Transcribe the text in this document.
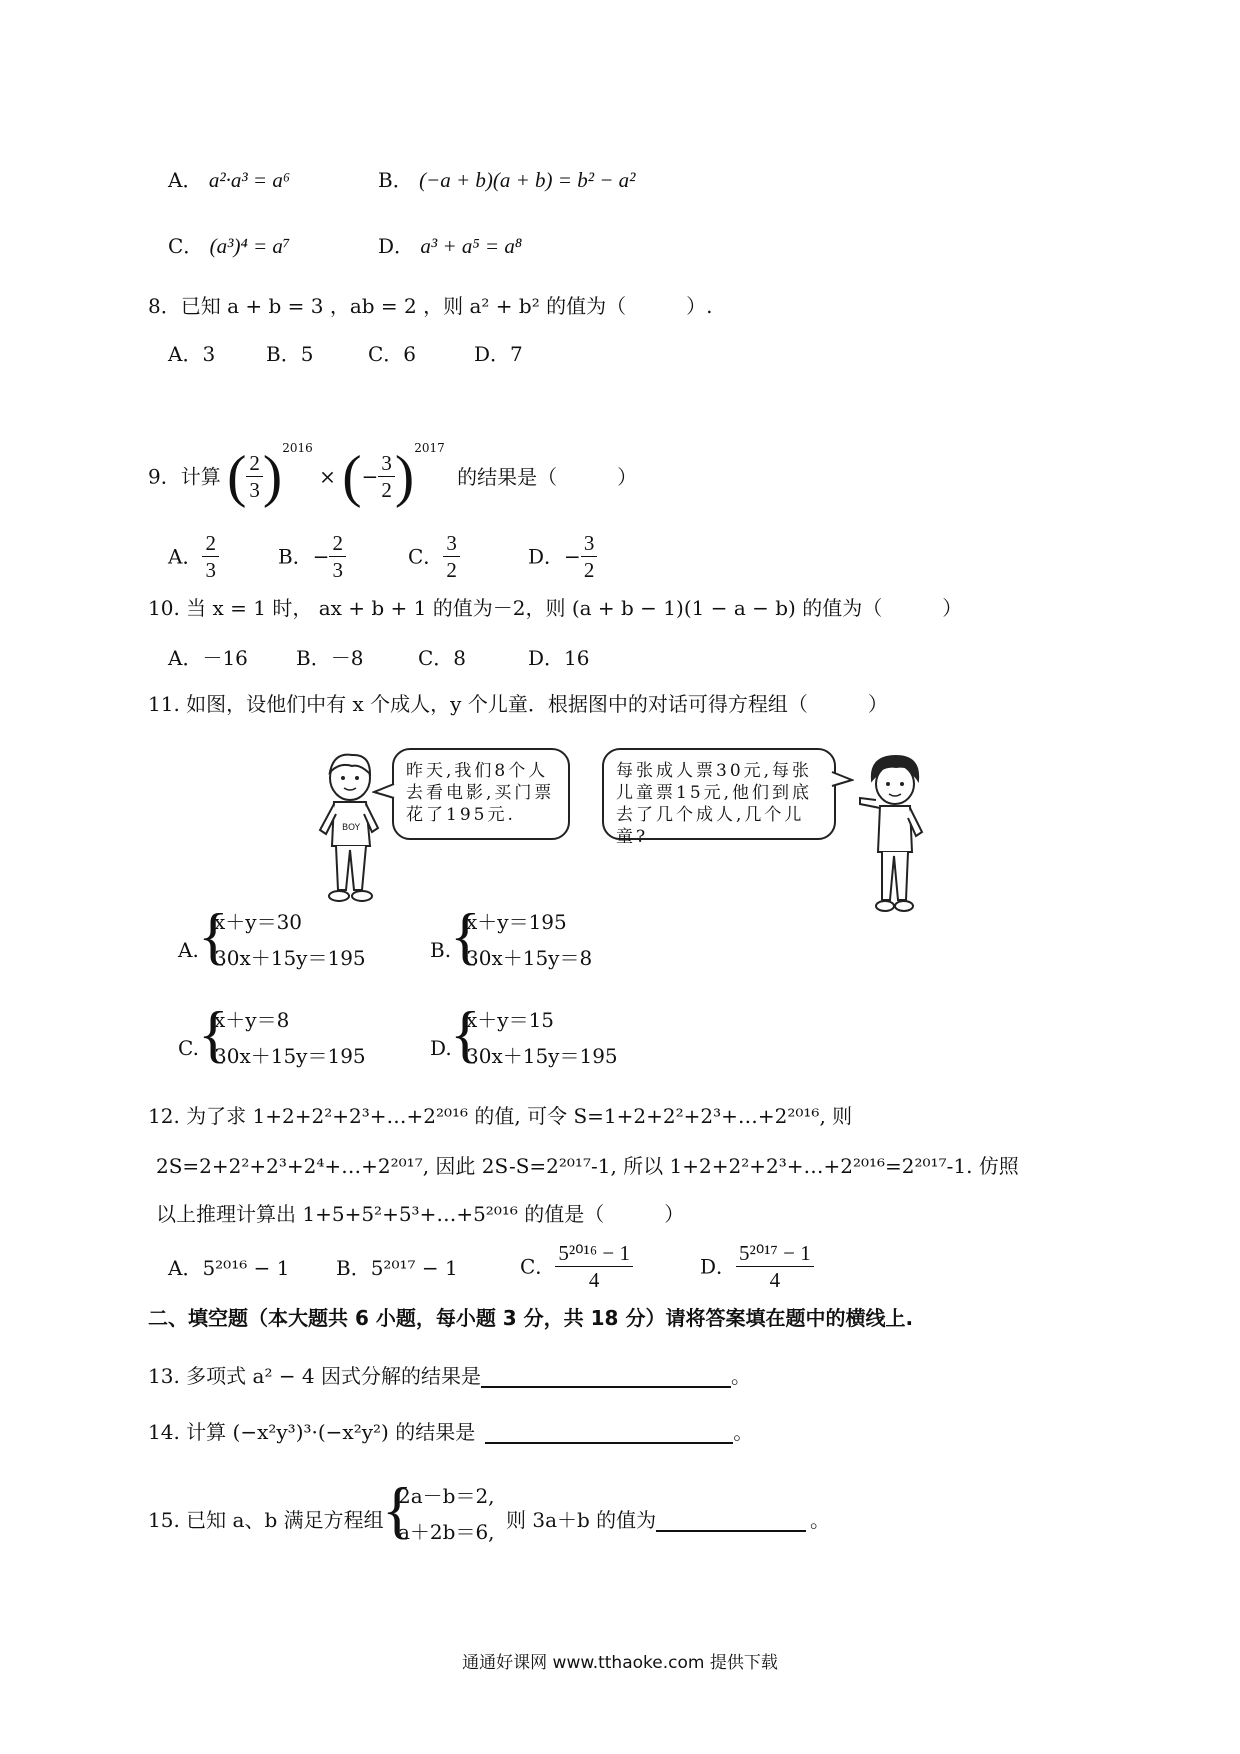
A． a²·a³ = a⁶	B． (−a + b)(a + b) = b² − a²
C． (a³)⁴ = a⁷	D． a³ + a⁵ = a⁸
8．已知 a + b = 3 ，ab = 2 ，则 a² + b² 的值为（　　　）.
A．3	B．5	C．6	D．7
9．计算 ( $\frac{2}{3} )^{2016}$ × (− $\frac{3}{2} )^{2017}$ 的结果是（　　　）
A． $\frac{2}{3}$	B．− $\frac{2}{3}$	C． $\frac{3}{2}$	D．− $\frac{3}{2}$
10. 当 x = 1 时， ax + b + 1 的值为－2，则 (a + b − 1)(1 − a − b) 的值为（　　　）
A．－16 B．－8	C．8	D．16
11. 如图，设他们中有 x 个成人，y 个儿童．根据图中的对话可得方程组（　　　）
BOY
昨天,我们8个人去看电影,买门票花了195元.
每张成人票30元,每张儿童票15元,他们到底去了几个成人,几个儿童?
A. {
x＋y＝30
30x＋15y＝195	B.
{
x＋y＝195
30x＋15y＝8
C. {
x＋y＝8
30x＋15y＝195	D.
{
x＋y＝15
30x＋15y＝195
12. 为了求 1+2+2²+2³+…+2²⁰¹⁶ 的值, 可令 S=1+2+2²+2³+…+2²⁰¹⁶, 则
2S=2+2²+2³+2⁴+…+2²⁰¹⁷, 因此 2S-S=2²⁰¹⁷-1, 所以 1+2+2²+2³+…+2²⁰¹⁶=2²⁰¹⁷-1. 仿照
以上推理计算出 1+5+5²+5³+…+5²⁰¹⁶ 的值是（　　　）
A．5²⁰¹⁶ − 1 B．5²⁰¹⁷ − 1	C． $\frac{\text{5²⁰¹⁶ − 1}}{4}$	D． $\frac{\text{5²⁰¹⁷ − 1}}{4}$
二、填空题（本大题共 6 小题，每小题 3 分，共 18 分）请将答案填在题中的横线上.
13. 多项式 a² − 4 因式分解的结果是	。
14. 计算 (−x²y³)³·(−x²y²) 的结果是	。
15. 已知 a、b 满足方程组
{
2a－b＝2,
a＋2b＝6, 则 3a＋b 的值为	。
通通好课网 www.tthaoke.com 提供下载
